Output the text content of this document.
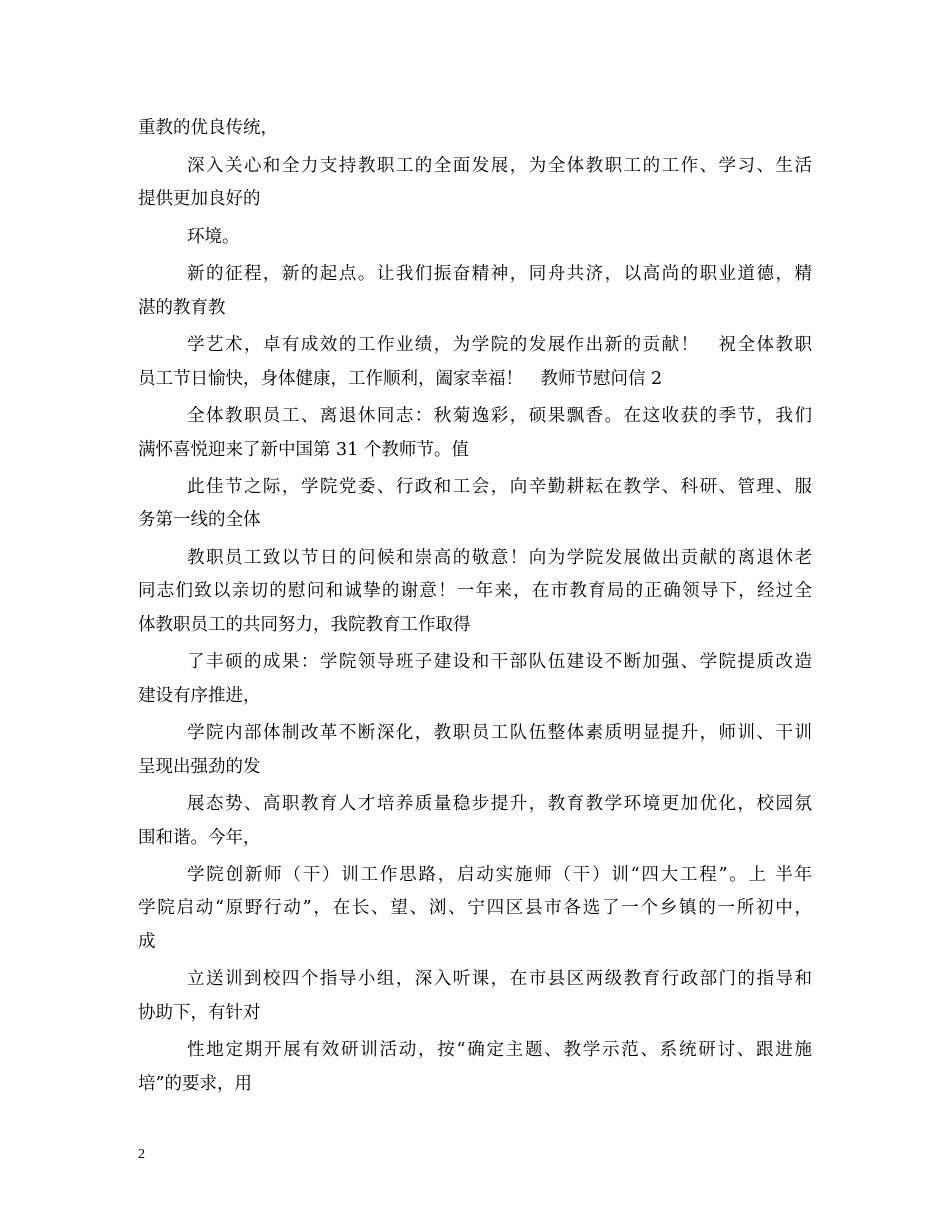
重教的优良传统，
深入关心和全力支持教职工的全面发展，为全体教职工的工作、学习、生活
提供更加良好的
环境。
新的征程，新的起点。让我们振奋精神，同舟共济，以高尚的职业道德，精
湛的教育教
学艺术，卓有成效的工作业绩，为学院的发展作出新的贡献！　祝全体教职
员工节日愉快，身体健康，工作顺利，阖家幸福！　教师节慰问信 2
全体教职员工、离退休同志：秋菊逸彩，硕果飘香。在这收获的季节，我们
满怀喜悦迎来了新中国第 31 个教师节。值
此佳节之际，学院党委、行政和工会，向辛勤耕耘在教学、科研、管理、服
务第一线的全体
教职员工致以节日的问候和崇高的敬意！向为学院发展做出贡献的离退休老
同志们致以亲切的慰问和诚挚的谢意！一年来，在市教育局的正确领导下，经过全
体教职员工的共同努力，我院教育工作取得
了丰硕的成果：学院领导班子建设和干部队伍建设不断加强、学院提质改造
建设有序推进，
学院内部体制改革不断深化，教职员工队伍整体素质明显提升，师训、干训
呈现出强劲的发
展态势、高职教育人才培养质量稳步提升，教育教学环境更加优化，校园氛
围和谐。今年，
学院创新师（干）训工作思路，启动实施师（干）训“四大工程”。上 半年
学院启动“原野行动”，在长、望、浏、宁四区县市各选了一个乡镇的一所初中，
成
立送训到校四个指导小组，深入听课，在市县区两级教育行政部门的指导和
协助下，有针对
性地定期开展有效研训活动，按“确定主题、教学示范、系统研讨、跟进施
培”的要求，用
2
